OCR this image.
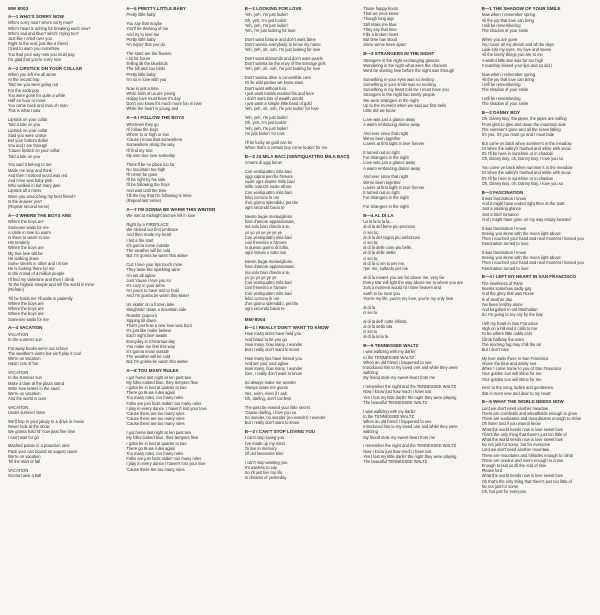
MM 8003
A—1 WHO'S SORRY NOW
Who's sorry now? who's sorry now?
Who's heart is aching for breaking each vow?
Who's sad and blue? who's crying too?
Just like I cried over you
Right to the end, just like a friend
I tried to warn you somehow
You had your way now you must pay
I'm glad that you're sorry now
A—2 LIPSTICK ON YOUR COLLAR
When you left me all alone
At the record hop
Told me you were going out
For the soda pop
You were gone for quite a while
Half an hour or more
You came back and man oh man
This is what I saw
Lipstick on your collar
Told a tale on you
Lipstick on your collar
Said you were untrue
Bet your bottom dollar
You and I are through
'Cause lipstick on your collar
Told a tale on you
You said it belong to me
Made me stop and think
And then I noticed you'd was red
And mine was baby pink
Who walked in but mary jane
Lipstick all a mess
Were you smooching my best friend?
Is the answer yes?
(Repeat second verse)
A—3 WHERE THE BOYS ARE
Where the boys are
Someone waits for me
A smile in love so warm
Is there to warm to see
His tenderly
Where the boys are
My true love will be
He walking down
Some streets in other and I know
He is looking there for me
In the crowd of a million people
I'll find my Valentine and then I climb
To the highest steeple and tell the world is mine
(Refrain)
Till he holds me I'll waits in patiently
Where the boys are
Where the boys are
Where the boys are
Someone waits for me
A—4 VACATION
VACATION
In the summer sun
Put away books we're out school
The weather's warm but we'll play it cool
We're on vacation
Havin' lots of fun
VACATION
In the summer sun
Make a date at the plaza stand
Write love letters in the sand
We're on vacation
And the world is ours
VACATION
Under summer stars
We'll hop in your jalopy to a drive in movie
Never look at the show
We gonna hold 'til' how past fine time
I can't wait for go
Mashed potato in a potaction race
Pack your can bound an august cause
We're on vacation
Till the start of fall
VACATION
Gonna have a ball
A—5 PRETTY LITTLE BABY
Pretty little baby
You say that maybe
You'll be thinking of me
And try to love me
Pretty little baby
I'm hopin' that you do
The stars are the flowers
I sit for hours
Telling all the bluebirds
The bill and coo birds
Pretty little baby
I'm so in love with you
Now in just a time
While both of us are young
Happy love must have it's day
Don't you know it's much more fun in love
While the heart is young and
A—6 I FOLLOW THE BOYS
Wherever they go
I'll follow the boys
Where to or high or low
'Cause I know that somewhere
Somewhere along the way
I'll find my true
My own true love someday
There'll be no place too far
No mountain too high
I'll never be gone
I'll be right by his side
I'll be following the boys
And wait until the time
Till the boy that I'm following is mine
(Repeat last verse)
A—7 I'M GONNA BE WARM THIS WINTER
We met at midnight and we fell in love
Right by a FIREPLACE
We clicked our first embrace
And then made my heart
I felt a fire start
It's gonna some outside
The weather will be cold
But I'm gonna be warm this winter
Cuz I love your lips touch mine
They taste like sparkling wine
I'm set all aglow
Just 'cause I love you so
It's cozy in your arms
I'm yours to have and to hold
And I'm gonna be warm this winter
Us skatin' on a frozen lake
Sleighride' down a mountain side
Roastin' popcorn
Sipping till dawn
That's just how a new love was born
It's just like make believe
Each night love awaits
Everyday is Christmas-day
You make me feel this way
It's gonna snow outside
The weather will be cold
But I'm gonna be warm this winter
A—8 TOO MANY RULES
I got home last night at ten past two
My folks looked blue, they tempers flew
I gotta be in bed at quarter to two
There go those rules again
Too many rules, too many rules
Folks are just fools makin' too many rules
I play in every dance, I haven't lost your love
'Cause there are too many rules
'Cause there are too many rules
'Cause there are too many rules
I got home last night at ten past two
My folks looked blue, their tempers flew
I gotta be in bed at quarter to two
There go those rules again
Too many rules, too many rules
Folks are just fools makin' too many rules
I play in every dance I haven't lost your love
'Cause there are too many rules
B—1 LOOKING FOR LOVE
Yeh, yeh, I'm just lookin'
Oh, yeh, I'm just lookin'
Yeh, yeh, I'm just lookin'
Yeh, I'm just looking for love
Don't want fortune and don't want fame
Don't wanna everybody to know my name
Yeh, yeh, oh, ooh, I'm just looking for love
Don't want diamonds and don't want pearls
Don't wanna be the envy of the teenage girls
Yeh, yeh, oh, ooh, I'm just looking for love
Don't wanna drive a convertible care
Or lie wild parties we know stars
Don't want without furs
I just want initials marked his and hers
I don't want lots of wealth untold
I just want a simple little band of gold
Yeh, yeh, oh, ooh, I'm just lookin' for love
Yeh, yeh, I'm just lookin'
Oh, yeh, I'm just lookin'
Yeh, yeh, I'm just lookin'
I'm just lookin' for love
I'll be lucky as gold can be
When that's a certain boy come lookin' for me
B—2 24 MILA BACI (VENTIQUATTRO MILA BACI)
Amami di oggi bene!
Con ventiquattro mila baci
oggi saprai perche l'amore
vuole ogni istante mille baci
mille carezze vuole all'ore
Con ventiquattro mila baci
felici corrono le ore
d'un giorno splendido, perche
ogni secondo bacio te
Niente bugie meravigliose,
frasi d'amore appassionate,
ma solo baci chiedo a te,
yo yo yo ye ye ye ye
Con ventiquattro mila baci
cosi frenetico e l'amore
in questo giorno di follia,
ogni minuto e tutto mio
Niente bugie meravigliose,
frasi d'amore appassionate,
ma solo baci chiedo a te,
yo yo yo ye ye ye
Con ventiquattro mila baci
cosi frenetico e l'amore
Con ventiquattro mila baci
felici corrono le ore
d'un giorno splendido, perche
ogni secondo bacio te
MM-8004
B—1 I REALLY DON'T WANT TO KNOW
How many arms have held you
And hated to let you go
How many, how many, I wonder
But I really don't want to know
How many lips have kissed you
And set your soul aglow
How many, how many, I wonder
Gee, I really don't want to know
So always make me wonder
Always make me guess
Yes, even, even if I ask
Oh, darling, don't confess
The past be erased your little secret
'Cause darling, I love you so
So wonder, no wonder (no wonder) I wonder
But I really don't want to know
B—2 I CAN'T STOP LOVING YOU
I can't stop loving you
I've made up my mind
To live in memory
Of old lonesome time
I can't stop wanting you
It's useless to say
So I'll just live my life
In dreams of yesterday
Those happy hours
That we once knew
Though long ago
Still make me blue
They say that time
Fills a broken heart
But time has stood
Since we've been apart
B—3 STRANGERS IN THE NIGHT
Strangers in the night exchanging glances
Wondering in the night what were the chances
We'd be sharing love before the night was through
Something in your eyes was so inviting
Something in your smile was so exciting
Something in my heart told me I must have you
Strangers in the night two lonely people
We were strangers in the night
Up to the moment when we said our first hello
Little did we know
Love was just a glance away
A warm embracing dance away
And ever since that night
We've been together
Lovers at first sight in love forever
It turned out so right
For strangers in the night
Love was just a glance away
A warm embracing dance away
And ever since that night
We've been together
Lovers at first sight in love forever
It turned out so right
For strangers in the night
For strangers in the night
B—4 AL DI LA
La la la la la la...
al di la del bene piu prezioso
ci sei tu;
al di la del sogno piu ambizioso
ci sei tu;
al di la delle cose piu belle,
al di la delle stelle
ci sei tu;
al di la ci sei tu per me,
*per me, soltanto per me
al di la means you are far above me, very far
Every star will light the way above me to where you are
Just a moment would I'd move heaven and
earth to be near you
You're my life, you're my love, you're my only love
al di la
ci sei tu
al di la dell' notte infinita
al di la della vita
ci sei tu
al di la la la la
B—5 TENNESSEE WALTZ
I was waltzing with my darlin'
to the TENNESSEE WALTZ
When an old friend I happened to see
Introduced him to my loved one and while they were
waltzing
My friend stole my sweet-heart from me
I remember the night and the TENNESSEE WALTZ
Now I know just how much I have lost
Yes I lost my little darlin' the night they were playing
The beautiful TENNESSEE WALTZ
I was waltzing with my darlin'
to the TENNESSEE WALTZ
When an old friend I happened to see
Introduced him to my loved one and while they were
waltzing
My friend stole my sweet-heart from me
I remember the night and the TENNESSEE WALTZ
Now I know just how much I have lost
Yes I lost my little darlin' the night they were playing
The beautiful TENNESSEE WALTZ
B—1 THE SHADOW OF YOUR SMILE
Now when I remember spring
All the joy that love can bring
I will be remembering
The shadow of your smile
When you are gone
You cover all my dream and all the days
Look into my eyes, my love and seeee
All the lovely things you are to me
A wistful little star was far too high
A teardrop kissed your lips and so did I
Now when I remember spring
All the joy that love can bring
I will be remembering
The shadow of your smile
I will be remembering
The shadow of your smile
B—2 DANNY BOY
Oh, Danny Boy, the pipes, the pipes are calling
From glen to glen and down the mountain side
The summer's gone and all the roses falling
It's you, it's you must go and I must bide
But come ye back when summer's in the meadow
Or when the valley's hushed and white with snow
It's I'll be here in sunshine or in shadow
Oh, Danny Boy, oh, Danny Boy, I love you so
You come ye back when summer's in the meadow
Or when the valley's hushed and white with snow
It's I'll be here in sunshine or in shadow
Oh, Danny Boy, oh, Danny Boy, I love you so
B—3 FASCINATION
It was fascination I know
And it might have ended right then at the start
Just a passing glance
Just a brief romance
And I might have gone on my way empty hearted
It was fascination I know
Seeing you alone with the moon light above
Then I touched your hand and next moment I kissed you
Fascination turned to love
It was fascination I know
Seeing you alone with the moon light above
Then I touched your hand and next moment I kissed you
Fascination turned to love
B—4 I LEFT MY HEART IN SAN FRANCISCO
The loveliness of Paris
Seems somehow sadly gay
And the glory that was Rome
Is of another day
I've been terribly alone
And forgotten in old Manhattan
So I'm going to my city by the bay
I left my heart in San Francisco
High on a hill and it calls to me
To be where little cable cars
Climb halfway the stars
The morning fog may chill the air
But I don't care
My love waits there in San Francisco
Above the blue and windy sea
When I come home to you of San Francisco
Your golden sun will shine for me
Your golden sun will shine for me
Here to the song, ladies and gentlemen,
that is more new and dear to my heart
B—5 WHAT THE WORLD NEEDS NOW
Lord we don't need another meadow
There are cornfields and wheatfields enough to grow
There are sunbeams and moonbeams enough to shine
Oh listen lord if you wanna know
What the world needs now is love sweet love
That's the only thing that there's just too little of
What the world needs now is love sweet love
No not just for some, but for everyone
Lord we don't need another mountain
There are mountains and hillsides enough to climb
There are oceans and rivers enough to cross
Enough to last us till the end of time
Please lord
What the world needs now is love sweet love
Oh that's the only thing that there's just too little of
No not just for some
Oh, but just for everyone
